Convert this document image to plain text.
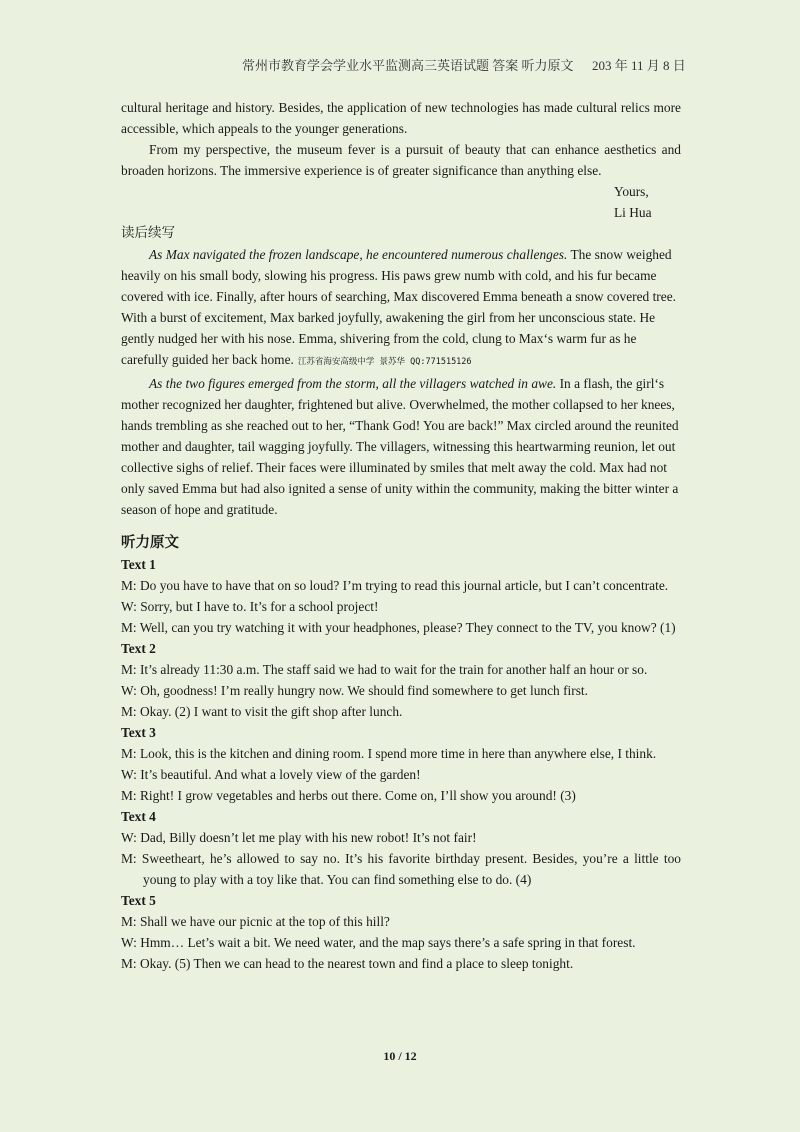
常州市教育学会学业水平监测高三英语试题 答案 听力原文 203 年 11 月 8 日

cultural heritage and history. Besides, the application of new technologies has made cultural relics more accessible, which appeals to the younger generations.

From my perspective, the museum fever is a pursuit of beauty that can enhance aesthetics and broaden horizons. The immersive experience is of greater significance than anything else.

Yours,

Li Hua

读后续写

As Max navigated the frozen landscape, he encountered numerous challenges. The snow weighed heavily on his small body, slowing his progress. His paws grew numb with cold, and his fur became covered with ice. Finally, after hours of searching, Max discovered Emma beneath a snow covered tree. With a burst of excitement, Max barked joyfully, awakening the girl from her unconscious state. He gently nudged her with his nose. Emma, shivering from the cold, clung to Max‘s warm fur as he carefully guided her back home. 江苏省海安高级中学 景苏华 QQ:771515126

As the two figures emerged from the storm, all the villagers watched in awe. In a flash, the girl‘s mother recognized her daughter, frightened but alive. Overwhelmed, the mother collapsed to her knees, hands trembling as she reached out to her, “Thank God! You are back!” Max circled around the reunited mother and daughter, tail wagging joyfully. The villagers, witnessing this heartwarming reunion, let out collective sighs of relief. Their faces were illuminated by smiles that melt away the cold. Max had not only saved Emma but had also ignited a sense of unity within the community, making the bitter winter a season of hope and gratitude.

听力原文

Text 1

M: Do you have to have that on so loud? I’m trying to read this journal article, but I can’t concentrate.

W: Sorry, but I have to. It’s for a school project!

M: Well, can you try watching it with your headphones, please? They connect to the TV, you know? (1)

Text 2

M: It’s already 11:30 a.m. The staff said we had to wait for the train for another half an hour or so.

W: Oh, goodness! I’m really hungry now. We should find somewhere to get lunch first.

M: Okay. (2) I want to visit the gift shop after lunch.

Text 3

M: Look, this is the kitchen and dining room. I spend more time in here than anywhere else, I think.

W: It’s beautiful. And what a lovely view of the garden!

M: Right! I grow vegetables and herbs out there. Come on, I’ll show you around! (3)

Text 4

W: Dad, Billy doesn’t let me play with his new robot! It’s not fair!

M: Sweetheart, he’s allowed to say no. It’s his favorite birthday present. Besides, you’re a little too young to play with a toy like that. You can find something else to do. (4)

Text 5

M: Shall we have our picnic at the top of this hill?

W: Hmm… Let’s wait a bit. We need water, and the map says there’s a safe spring in that forest.

M: Okay. (5) Then we can head to the nearest town and find a place to sleep tonight.

10 / 12
